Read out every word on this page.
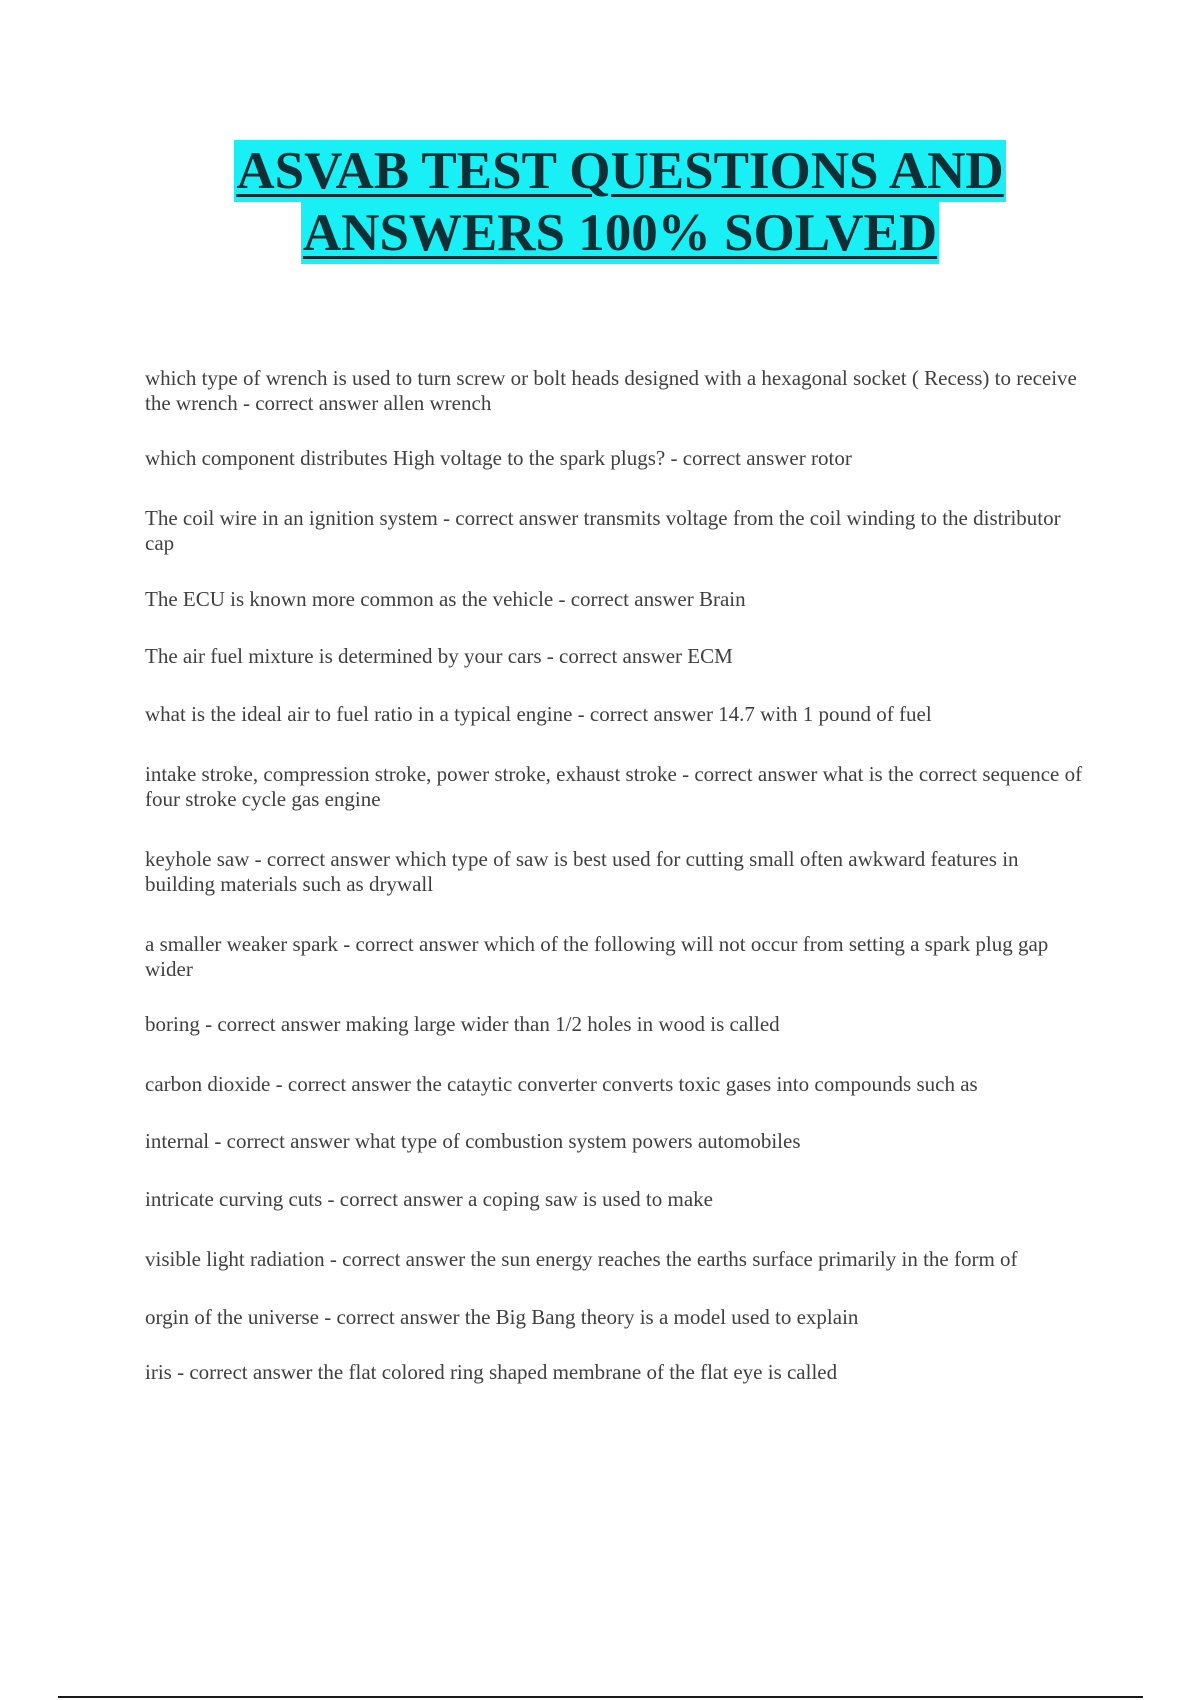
ASVAB TEST QUESTIONS AND
ANSWERS 100% SOLVED
which type of wrench is used to turn screw or bolt heads designed with a hexagonal socket ( Recess) to receive the wrench - correct answer allen wrench
which component distributes High voltage to the spark plugs? - correct answer rotor
The coil wire in an ignition system - correct answer transmits voltage from the coil winding to the distributor cap
The ECU is known more common as the vehicle - correct answer Brain
The air fuel mixture is determined by your cars - correct answer ECM
what is the ideal air to fuel ratio in a typical engine - correct answer 14.7 with 1 pound of fuel
intake stroke, compression stroke, power stroke, exhaust stroke - correct answer what is the correct sequence of four stroke cycle gas engine
keyhole saw - correct answer which type of saw is best used for cutting small often awkward features in building materials such as drywall
a smaller weaker spark - correct answer which of the following will not occur from setting a spark plug gap wider
boring - correct answer making large wider than 1/2 holes in wood is called
carbon dioxide - correct answer the cataytic converter converts toxic gases into compounds such as
internal - correct answer what type of combustion system powers automobiles
intricate curving cuts - correct answer a coping saw is used to make
visible light radiation - correct answer the sun energy reaches the earths surface primarily in the form of
orgin of the universe - correct answer the Big Bang theory is a model used to explain
iris - correct answer the flat colored ring shaped membrane of the flat eye is called
